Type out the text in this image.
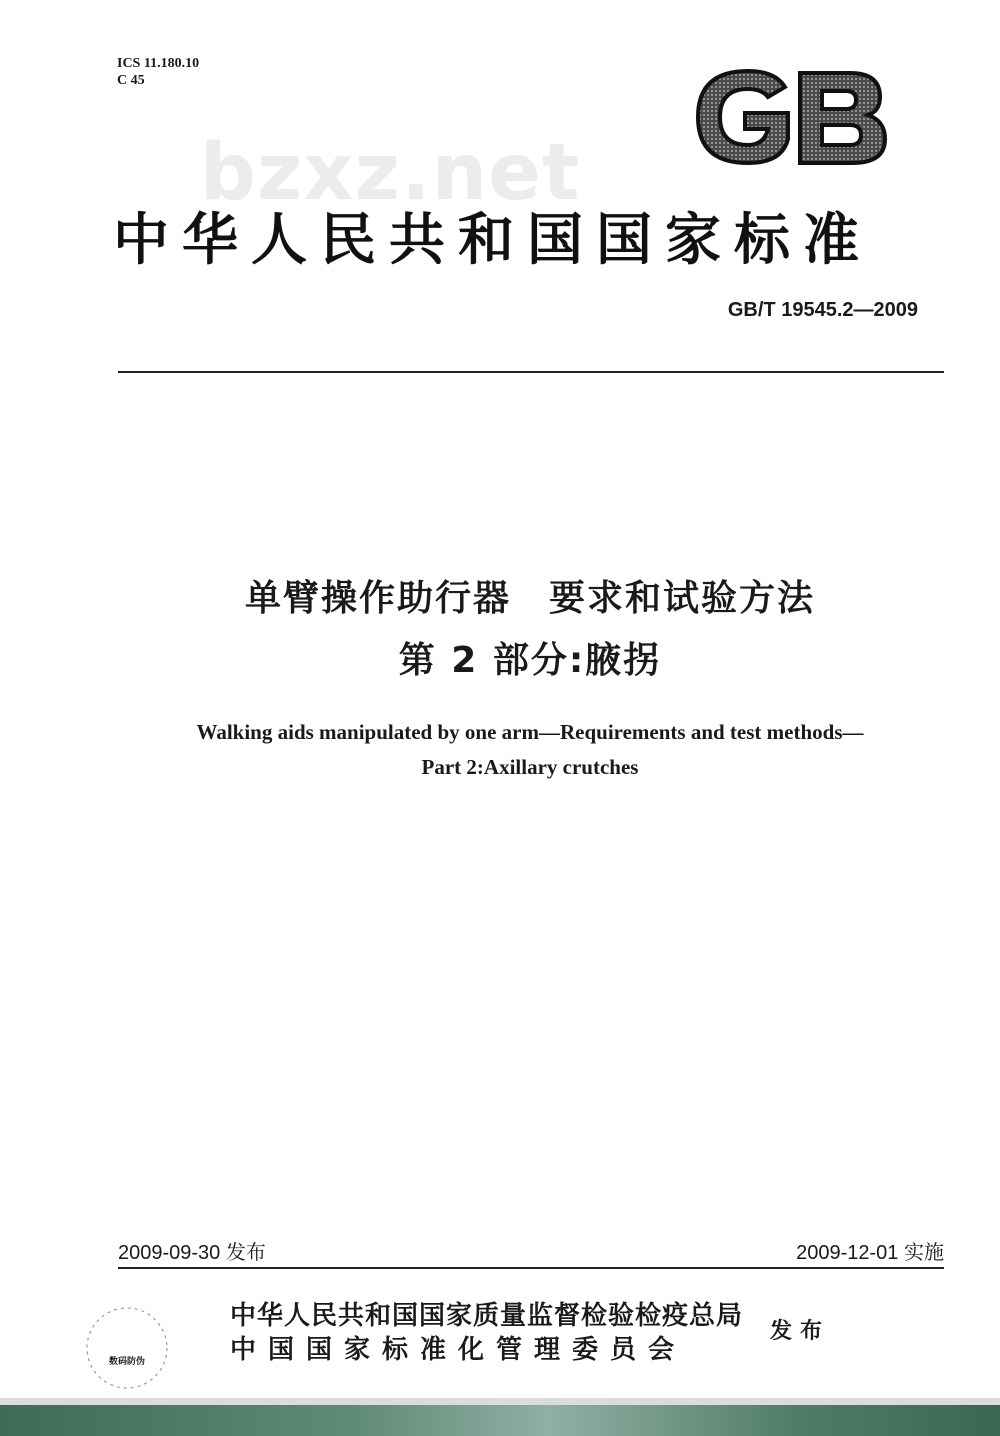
ICS 11.180.10
C 45
bzxz.net
中华人民共和国国家标准
GB/T 19545.2—2009
单臂操作助行器　要求和试验方法
第 2 部分:腋拐
Walking aids manipulated by one arm—Requirements and test methods—
Part 2:Axillary crutches
2009-09-30 发布	2009-12-01 实施
数码防伪
中华人民共和国国家质量监督检验检疫总局
中国国家标准化管理委员会
发布
